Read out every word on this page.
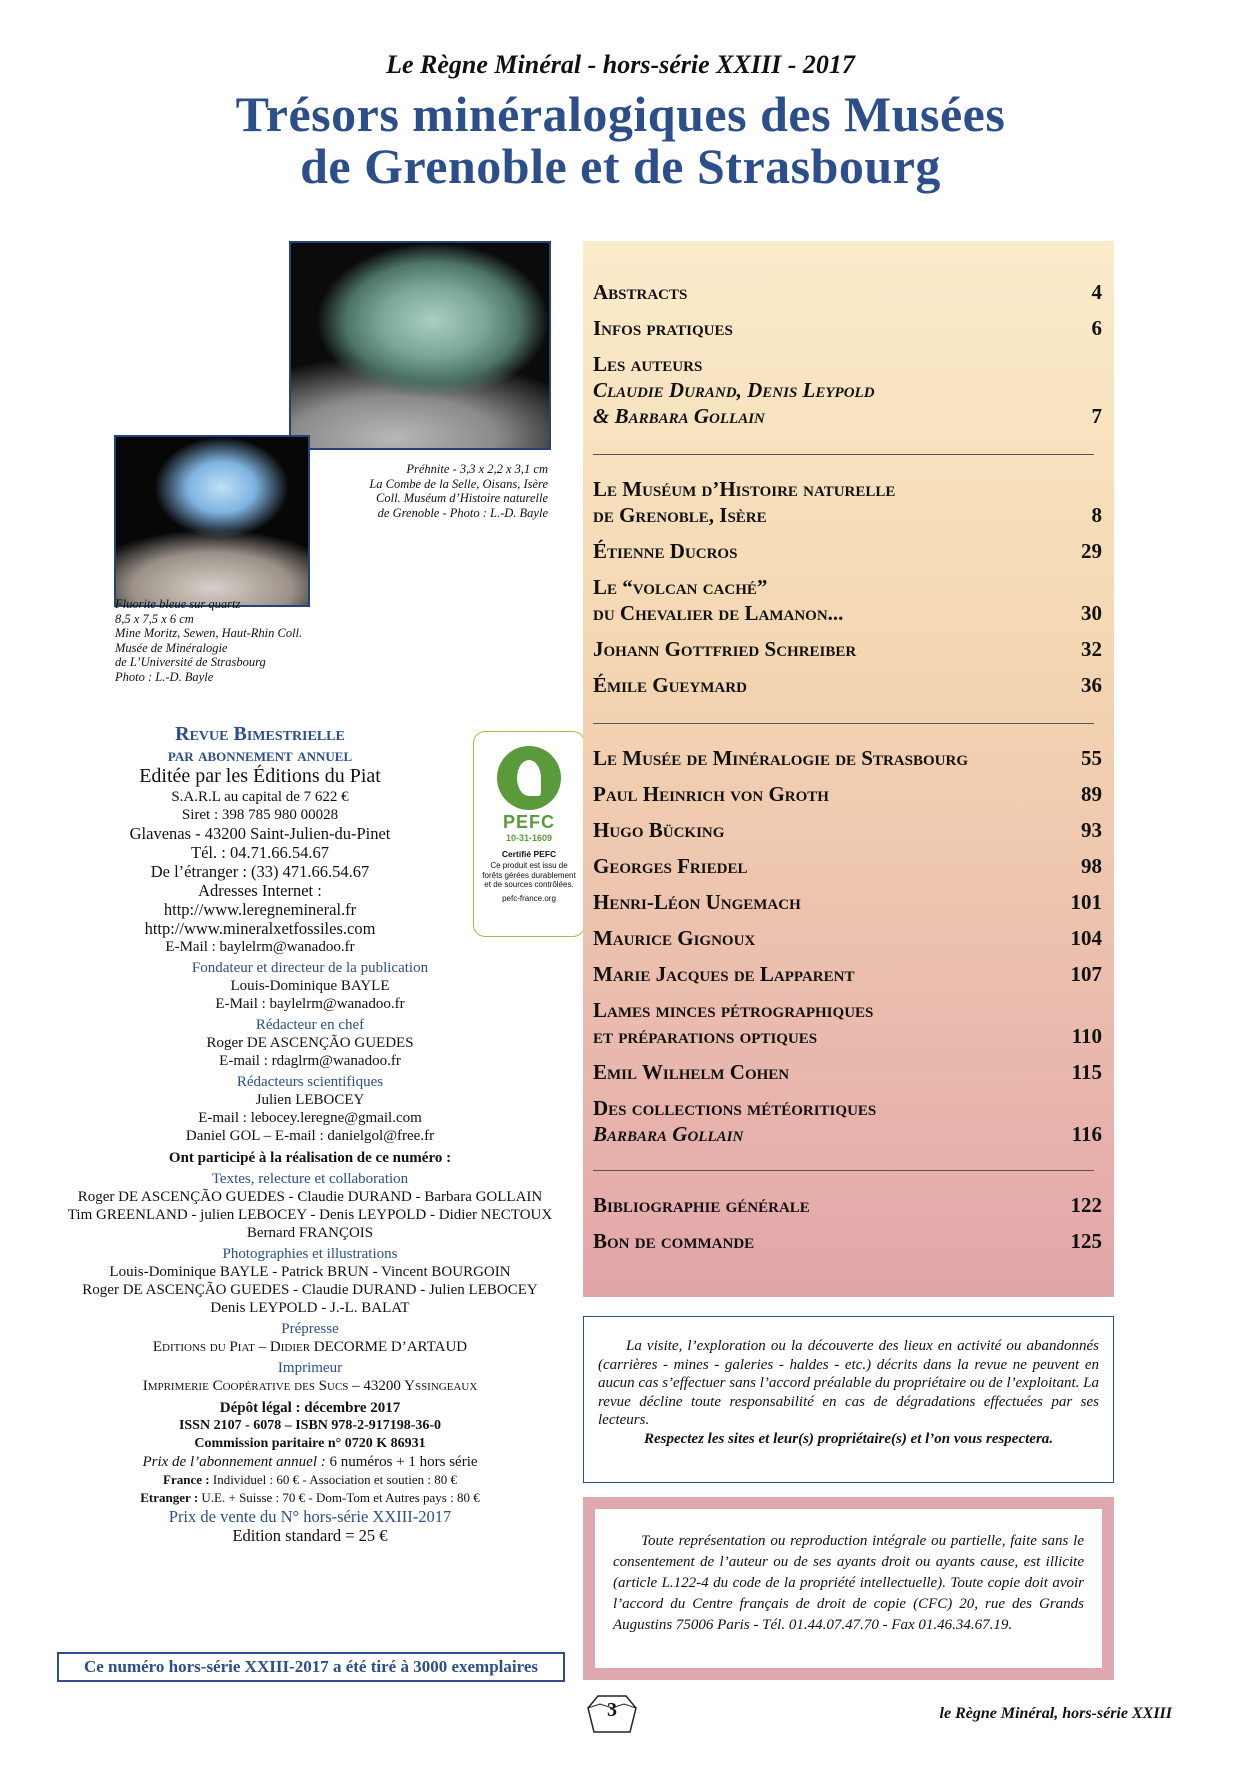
Le Règne Minéral - hors-série XXIII - 2017
Trésors minéralogiques des Musées
de Grenoble et de Strasbourg
Préhnite - 3,3 x 2,2 x 3,1 cm
La Combe de la Selle, Oisans, Isère
Coll. Muséum d’Histoire naturelle
de Grenoble - Photo : L.-D. Bayle
Fluorite bleue sur quartz
8,5 x 7,5 x 6 cm
Mine Moritz, Sewen, Haut-Rhin Coll.
Musée de Minéralogie
de L’Université de Strasbourg
Photo : L.-D. Bayle
Revue Bimestrielle
par abonnement annuel
Editée par les Éditions du Piat
S.A.R.L au capital de 7 622 €
Siret : 398 785 980 00028
Glavenas - 43200 Saint-Julien-du-Pinet
Tél. : 04.71.66.54.67
De l’étranger : (33) 471.66.54.67
Adresses Internet :
http://www.leregnemineral.fr
http://www.mineralxetfossiles.com
E-Mail : baylelrm@wanadoo.fr
Fondateur et directeur de la publication
Louis-Dominique BAYLE
E-Mail : baylelrm@wanadoo.fr
Rédacteur en chef
Roger DE ASCENÇÃO GUEDES
E-mail : rdaglrm@wanadoo.fr
Rédacteurs scientifiques
Julien LEBOCEY
E-mail : lebocey.leregne@gmail.com
Daniel GOL – E-mail : danielgol@free.fr
Ont participé à la réalisation de ce numéro :
Textes, relecture et collaboration
Roger DE ASCENÇÃO GUEDES - Claudie DURAND - Barbara GOLLAIN
Tim GREENLAND - julien LEBOCEY - Denis LEYPOLD - Didier NECTOUX
Bernard FRANÇOIS
Photographies et illustrations
Louis-Dominique BAYLE - Patrick BRUN - Vincent BOURGOIN
Roger DE ASCENÇÃO GUEDES - Claudie DURAND - Julien LEBOCEY
Denis LEYPOLD - J.-L. BALAT
Prépresse
Editions du Piat – Didier DECORME D’ARTAUD
Imprimeur
Imprimerie Coopérative des Sucs – 43200 Yssingeaux
Dépôt légal : décembre 2017
ISSN 2107 - 6078 – ISBN 978-2-917198-36-0
Commission paritaire n° 0720 K 86931
Prix de l’abonnement annuel : 6 numéros + 1 hors série
France : Individuel : 60 € - Association et soutien : 80 €
Etranger : U.E. + Suisse : 70 € - Dom-Tom et Autres pays : 80 €
Prix de vente du N° hors-série XXIII-2017
Edition standard = 25 €
PEFC
10-31-1609
Certifié PEFC
Ce produit est issu de forêts gérées durablement et de sources contrôlées.
pefc-france.org
Ce numéro hors-série XXIII-2017 a été tiré à 3000 exemplaires
Abstracts	4
Infos pratiques	6
Les auteurs
Claudie Durand, Denis Leypold
& Barbara Gollain	7
Le Muséum d’Histoire naturelle
de Grenoble, Isère	8
Étienne Ducros	29
Le “volcan caché”
du Chevalier de Lamanon...	30
Johann Gottfried Schreiber	32
Émile Gueymard	36
Le Musée de Minéralogie de Strasbourg	55
Paul Heinrich von Groth	89
Hugo Bücking	93
Georges Friedel	98
Henri-Léon Ungemach	101
Maurice Gignoux	104
Marie Jacques de Lapparent	107
Lames minces pétrographiques
et préparations optiques	110
Emil Wilhelm Cohen	115
Des collections météoritiques
Barbara Gollain	116
Bibliographie générale	122
Bon de commande	125

La visite, l’exploration ou la découverte des lieux en activité ou abandonnés (carrières - mines - galeries - haldes - etc.) décrits dans la revue ne peuvent en aucun cas s’effectuer sans l’accord préalable du propriétaire ou de l’exploitant. La revue décline toute responsabilité en cas de dégradations effectuées par ses lecteurs.

Respectez les sites et leur(s) propriétaire(s) et l’on vous respectera.

Toute représentation ou reproduction intégrale ou partielle, faite sans le consentement de l’auteur ou de ses ayants droit ou ayants cause, est illicite (article L.122-4 du code de la propriété intellectuelle). Toute copie doit avoir l’accord du Centre français de droit de copie (CFC) 20, rue des Grands Augustins 75006 Paris - Tél. 01.44.07.47.70 - Fax 01.46.34.67.19.

3	le Règne Minéral, hors-série XXIII
